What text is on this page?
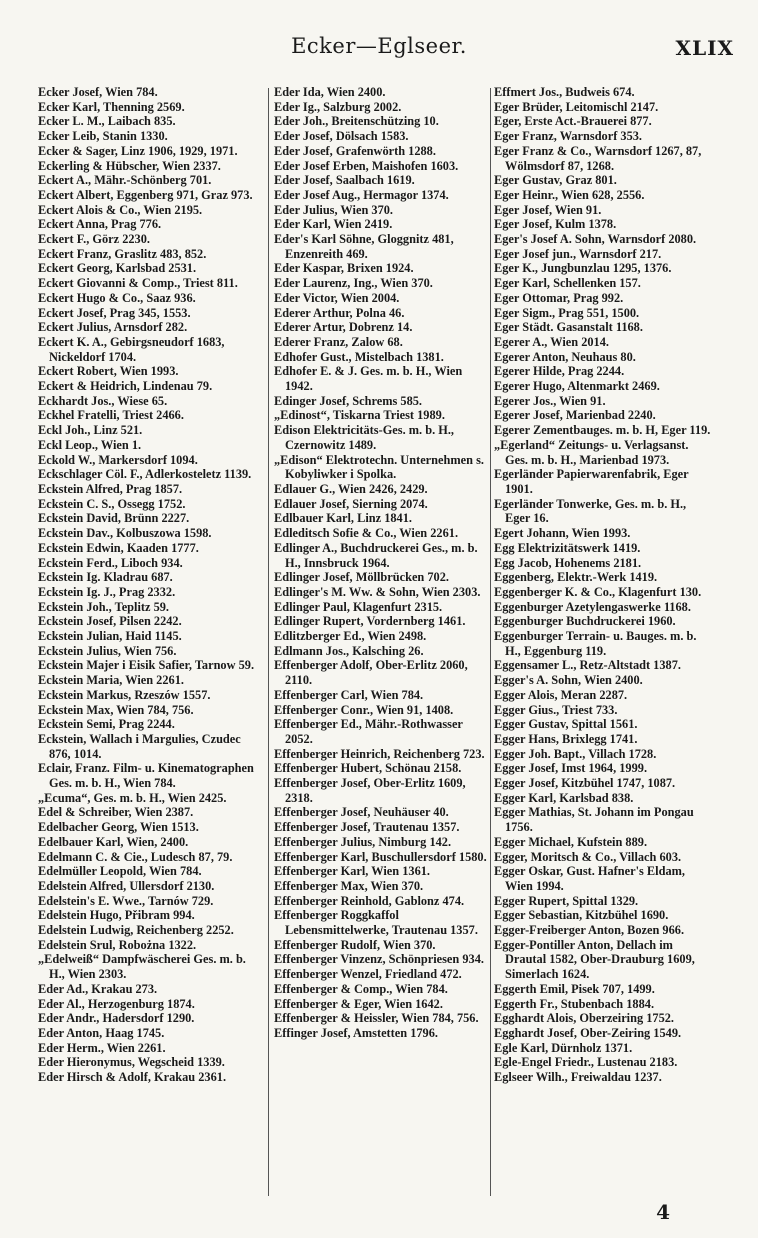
Ecker—Eglseer.	XLIX
Ecker Josef, Wien 784.
Ecker Karl, Thenning 2569.
Ecker L. M., Laibach 835.
Ecker Leib, Stanin 1330.
Ecker & Sager, Linz 1906, 1929, 1971.
Eckerling & Hübscher, Wien 2337.
Eckert A., Mähr.-Schönberg 701.
Eckert Albert, Eggenberg 971, Graz 973.
Eckert Alois & Co., Wien 2195.
Eckert Anna, Prag 776.
Eckert F., Görz 2230.
Eckert Franz, Graslitz 483, 852.
Eckert Georg, Karlsbad 2531.
Eckert Giovanni & Comp., Triest 811.
Eckert Hugo & Co., Saaz 936.
Eckert Josef, Prag 345, 1553.
Eckert Julius, Arnsdorf 282.
Eckert K. A., Gebirgsneudorf 1683, Nickeldorf 1704.
Eckert Robert, Wien 1993.
Eckert & Heidrich, Lindenau 79.
Eckhardt Jos., Wiese 65.
Eckhel Fratelli, Triest 2466.
Eckl Joh., Linz 521.
Eckl Leop., Wien 1.
Eckold W., Markersdorf 1094.
Eckschlager Cöl. F., Adlerkosteletz 1139.
Eckstein Alfred, Prag 1857.
Eckstein C. S., Ossegg 1752.
Eckstein David, Brünn 2227.
Eckstein Dav., Kolbuszowa 1598.
Eckstein Edwin, Kaaden 1777.
Eckstein Ferd., Liboch 934.
Eckstein Ig. Kladrau 687.
Eckstein Ig. J., Prag 2332.
Eckstein Joh., Teplitz 59.
Eckstein Josef, Pilsen 2242.
Eckstein Julian, Haid 1145.
Eckstein Julius, Wien 756.
Eckstein Majer i Eisik Safier, Tarnow 59.
Eckstein Maria, Wien 2261.
Eckstein Markus, Rzeszów 1557.
Eckstein Max, Wien 784, 756.
Eckstein Semi, Prag 2244.
Eckstein, Wallach i Margulies, Czudec 876, 1014.
Eclair, Franz. Film- u. Kinematographen Ges. m. b. H., Wien 784.
„Ecuma“, Ges. m. b. H., Wien 2425.
Edel & Schreiber, Wien 2387.
Edelbacher Georg, Wien 1513.
Edelbauer Karl, Wien, 2400.
Edelmann C. & Cie., Ludesch 87, 79.
Edelmüller Leopold, Wien 784.
Edelstein Alfred, Ullersdorf 2130.
Edelstein's E. Wwe., Tarnów 729.
Edelstein Hugo, Přibram 994.
Edelstein Ludwig, Reichenberg 2252.
Edelstein Srul, Robożna 1322.
„Edelweiß“ Dampfwäscherei Ges. m. b. H., Wien 2303.
Eder Ad., Krakau 273.
Eder Al., Herzogenburg 1874.
Eder Andr., Hadersdorf 1290.
Eder Anton, Haag 1745.
Eder Herm., Wien 2261.
Eder Hieronymus, Wegscheid 1339.
Eder Hirsch & Adolf, Krakau 2361.
Eder Ida, Wien 2400.
Eder Ig., Salzburg 2002.
Eder Joh., Breitenschützing 10.
Eder Josef, Dölsach 1583.
Eder Josef, Grafenwörth 1288.
Eder Josef Erben, Maishofen 1603.
Eder Josef, Saalbach 1619.
Eder Josef Aug., Hermagor 1374.
Eder Julius, Wien 370.
Eder Karl, Wien 2419.
Eder's Karl Söhne, Gloggnitz 481, Enzenreith 469.
Eder Kaspar, Brixen 1924.
Eder Laurenz, Ing., Wien 370.
Eder Victor, Wien 2004.
Ederer Arthur, Polna 46.
Ederer Artur, Dobrenz 14.
Ederer Franz, Zalow 68.
Edhofer Gust., Mistelbach 1381.
Edhofer E. & J. Ges. m. b. H., Wien 1942.
Edinger Josef, Schrems 585.
„Edinost“, Tiskarna Triest 1989.
Edison Elektricitäts-Ges. m. b. H., Czernowitz 1489.
„Edison“ Elektrotechn. Unternehmen s. Kobyliwker i Spolka.
Edlauer G., Wien 2426, 2429.
Edlauer Josef, Sierning 2074.
Edlbauer Karl, Linz 1841.
Edleditsch Sofie & Co., Wien 2261.
Edlinger A., Buchdruckerei Ges., m. b. H., Innsbruck 1964.
Edlinger Josef, Möllbrücken 702.
Edlinger's M. Ww. & Sohn, Wien 2303.
Edlinger Paul, Klagenfurt 2315.
Edlinger Rupert, Vordernberg 1461.
Edlitzberger Ed., Wien 2498.
Edlmann Jos., Kalsching 26.
Effenberger Adolf, Ober-Erlitz 2060, 2110.
Effenberger Carl, Wien 784.
Effenberger Conr., Wien 91, 1408.
Effenberger Ed., Mähr.-Rothwasser 2052.
Effenberger Heinrich, Reichenberg 723.
Effenberger Hubert, Schönau 2158.
Effenberger Josef, Ober-Erlitz 1609, 2318.
Effenberger Josef, Neuhäuser 40.
Effenberger Josef, Trautenau 1357.
Effenberger Julius, Nimburg 142.
Effenberger Karl, Buschullersdorf 1580.
Effenberger Karl, Wien 1361.
Effenberger Max, Wien 370.
Effenberger Reinhold, Gablonz 474.
Effenberger Roggkaffol Lebensmittelwerke, Trautenau 1357.
Effenberger Rudolf, Wien 370.
Effenberger Vinzenz, Schönpriesen 934.
Effenberger Wenzel, Friedland 472.
Effenberger & Comp., Wien 784.
Effenberger & Eger, Wien 1642.
Effenberger & Heissler, Wien 784, 756.
Effinger Josef, Amstetten 1796.
Effmert Jos., Budweis 674.
Eger Brüder, Leitomischl 2147.
Eger, Erste Act.-Brauerei 877.
Eger Franz, Warnsdorf 353.
Eger Franz & Co., Warnsdorf 1267, 87, Wölmsdorf 87, 1268.
Eger Gustav, Graz 801.
Eger Heinr., Wien 628, 2556.
Eger Josef, Wien 91.
Eger Josef, Kulm 1378.
Eger's Josef A. Sohn, Warnsdorf 2080.
Eger Josef jun., Warnsdorf 217.
Eger K., Jungbunzlau 1295, 1376.
Eger Karl, Schellenken 157.
Eger Ottomar, Prag 992.
Eger Sigm., Prag 551, 1500.
Eger Städt. Gasanstalt 1168.
Egerer A., Wien 2014.
Egerer Anton, Neuhaus 80.
Egerer Hilde, Prag 2244.
Egerer Hugo, Altenmarkt 2469.
Egerer Jos., Wien 91.
Egerer Josef, Marienbad 2240.
Egerer Zementbauges. m. b. H, Eger 119.
„Egerland“ Zeitungs- u. Verlagsanst. Ges. m. b. H., Marienbad 1973.
Egerländer Papierwarenfabrik, Eger 1901.
Egerländer Tonwerke, Ges. m. b. H., Eger 16.
Egert Johann, Wien 1993.
Egg Elektrizitätswerk 1419.
Egg Jacob, Hohenems 2181.
Eggenberg, Elektr.-Werk 1419.
Eggenberger K. & Co., Klagenfurt 130.
Eggenburger Azetylengaswerke 1168.
Eggenburger Buchdruckerei 1960.
Eggenburger Terrain- u. Bauges. m. b. H., Eggenburg 119.
Eggensamer L., Retz-Altstadt 1387.
Egger's A. Sohn, Wien 2400.
Egger Alois, Meran 2287.
Egger Gius., Triest 733.
Egger Gustav, Spittal 1561.
Egger Hans, Brixlegg 1741.
Egger Joh. Bapt., Villach 1728.
Egger Josef, Imst 1964, 1999.
Egger Josef, Kitzbühel 1747, 1087.
Egger Karl, Karlsbad 838.
Egger Mathias, St. Johann im Pongau 1756.
Egger Michael, Kufstein 889.
Egger, Moritsch & Co., Villach 603.
Egger Oskar, Gust. Hafner's Eldam, Wien 1994.
Egger Rupert, Spittal 1329.
Egger Sebastian, Kitzbühel 1690.
Egger-Freiberger Anton, Bozen 966.
Egger-Pontiller Anton, Dellach im Drautal 1582, Ober-Drauburg 1609, Simerlach 1624.
Eggerth Emil, Pisek 707, 1499.
Eggerth Fr., Stubenbach 1884.
Egghardt Alois, Oberzeiring 1752.
Egghardt Josef, Ober-Zeiring 1549.
Egle Karl, Dürnholz 1371.
Egle-Engel Friedr., Lustenau 2183.
Eglseer Wilh., Freiwaldau 1237.
4
